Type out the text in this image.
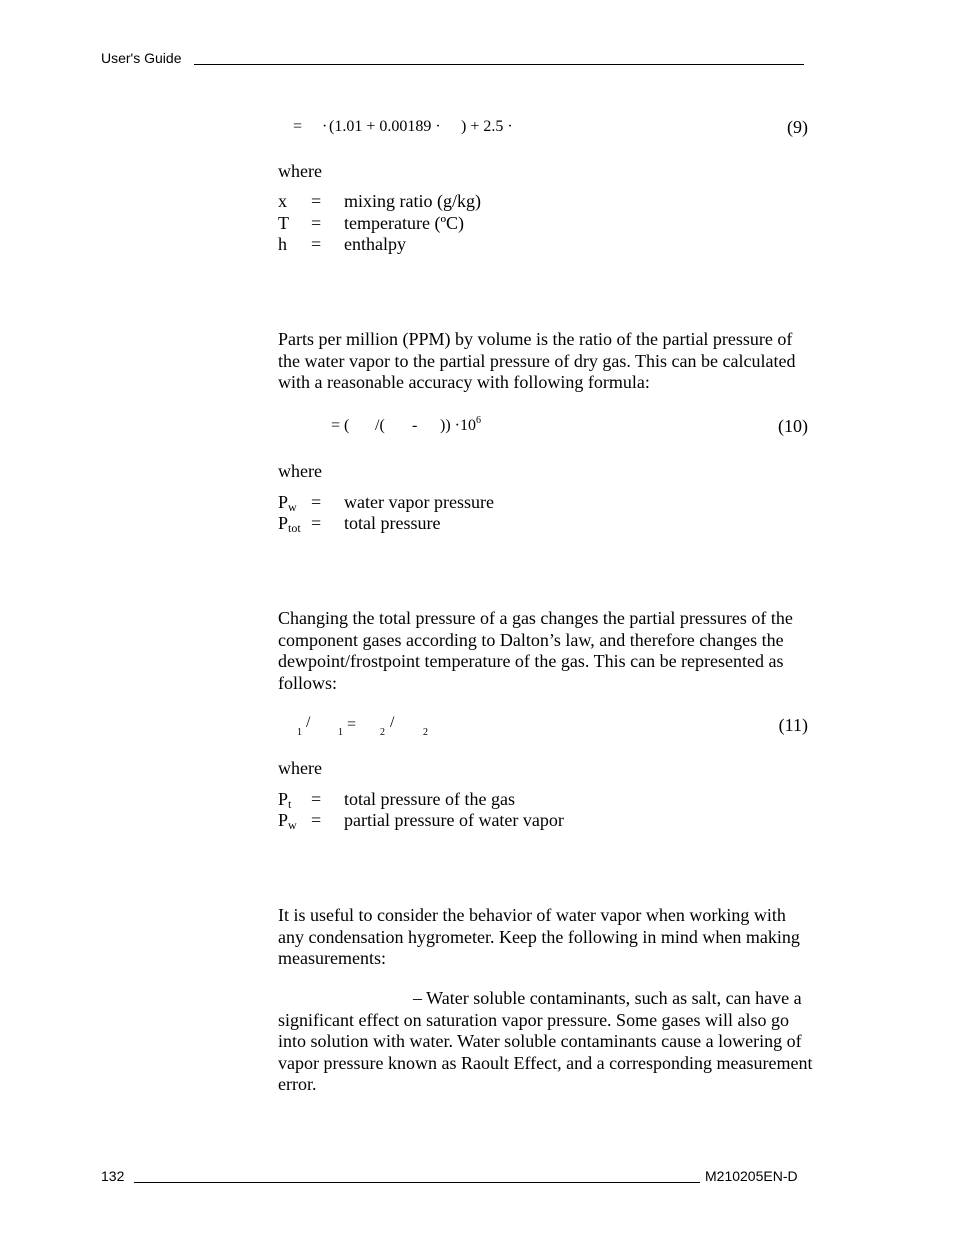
User's Guide
= · (1.01 + 0.00189 · ) + 2.5 ·	(9)
where
x = mixing ratio (g/kg)
T = temperature (ºC)
h = enthalpy
Parts per million (PPM) by volume is the ratio of the partial pressure of the water vapor to the partial pressure of dry gas. This can be calculated with a reasonable accuracy with following formula:
= ( /( - )) $\cdot 10^6$	(10)
where
$P_w$ = water vapor pressure
$P_{tot}$ = total pressure
Changing the total pressure of a gas changes the partial pressures of the component gases according to Dalton’s law, and therefore changes the dewpoint/frostpoint temperature of the gas. This can be represented as follows:
1
/
1 = 2
/
2	(11)
where
$P_t$ = total pressure of the gas
$P_w$ = partial pressure of water vapor
It is useful to consider the behavior of water vapor when working with any condensation hygrometer. Keep the following in mind when making measurements:
– Water soluble contaminants, such as salt, can have a significant effect on saturation vapor pressure. Some gases will also go into solution with water. Water soluble contaminants cause a lowering of vapor pressure known as Raoult Effect, and a corresponding measurement error.
132	M210205EN-D
